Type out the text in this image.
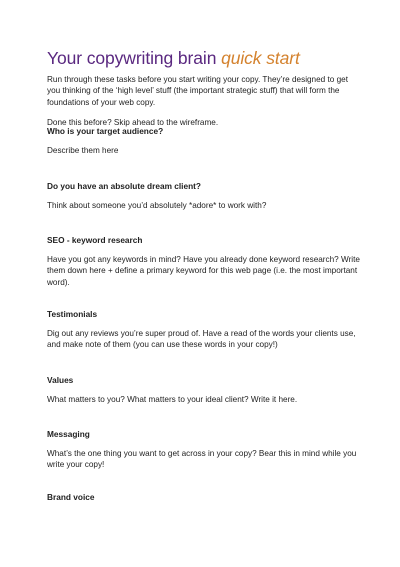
Your copywriting brain quick start

Run through these tasks before you start writing your copy. They’re designed to get you thinking of the ‘high level’ stuff (the important strategic stuff) that will form the foundations of your web copy.

Done this before? Skip ahead to the wireframe.

Who is your target audience?

Describe them here

Do you have an absolute dream client?

Think about someone you’d absolutely *adore* to work with?

SEO - keyword research

Have you got any keywords in mind? Have you already done keyword research? Write them down here + define a primary keyword for this web page (i.e. the most important word).

Testimonials

Dig out any reviews you’re super proud of. Have a read of the words your clients use, and make note of them (you can use these words in your copy!)

Values

What matters to you? What matters to your ideal client? Write it here.

Messaging

What’s the one thing you want to get across in your copy? Bear this in mind while you write your copy!

Brand voice
